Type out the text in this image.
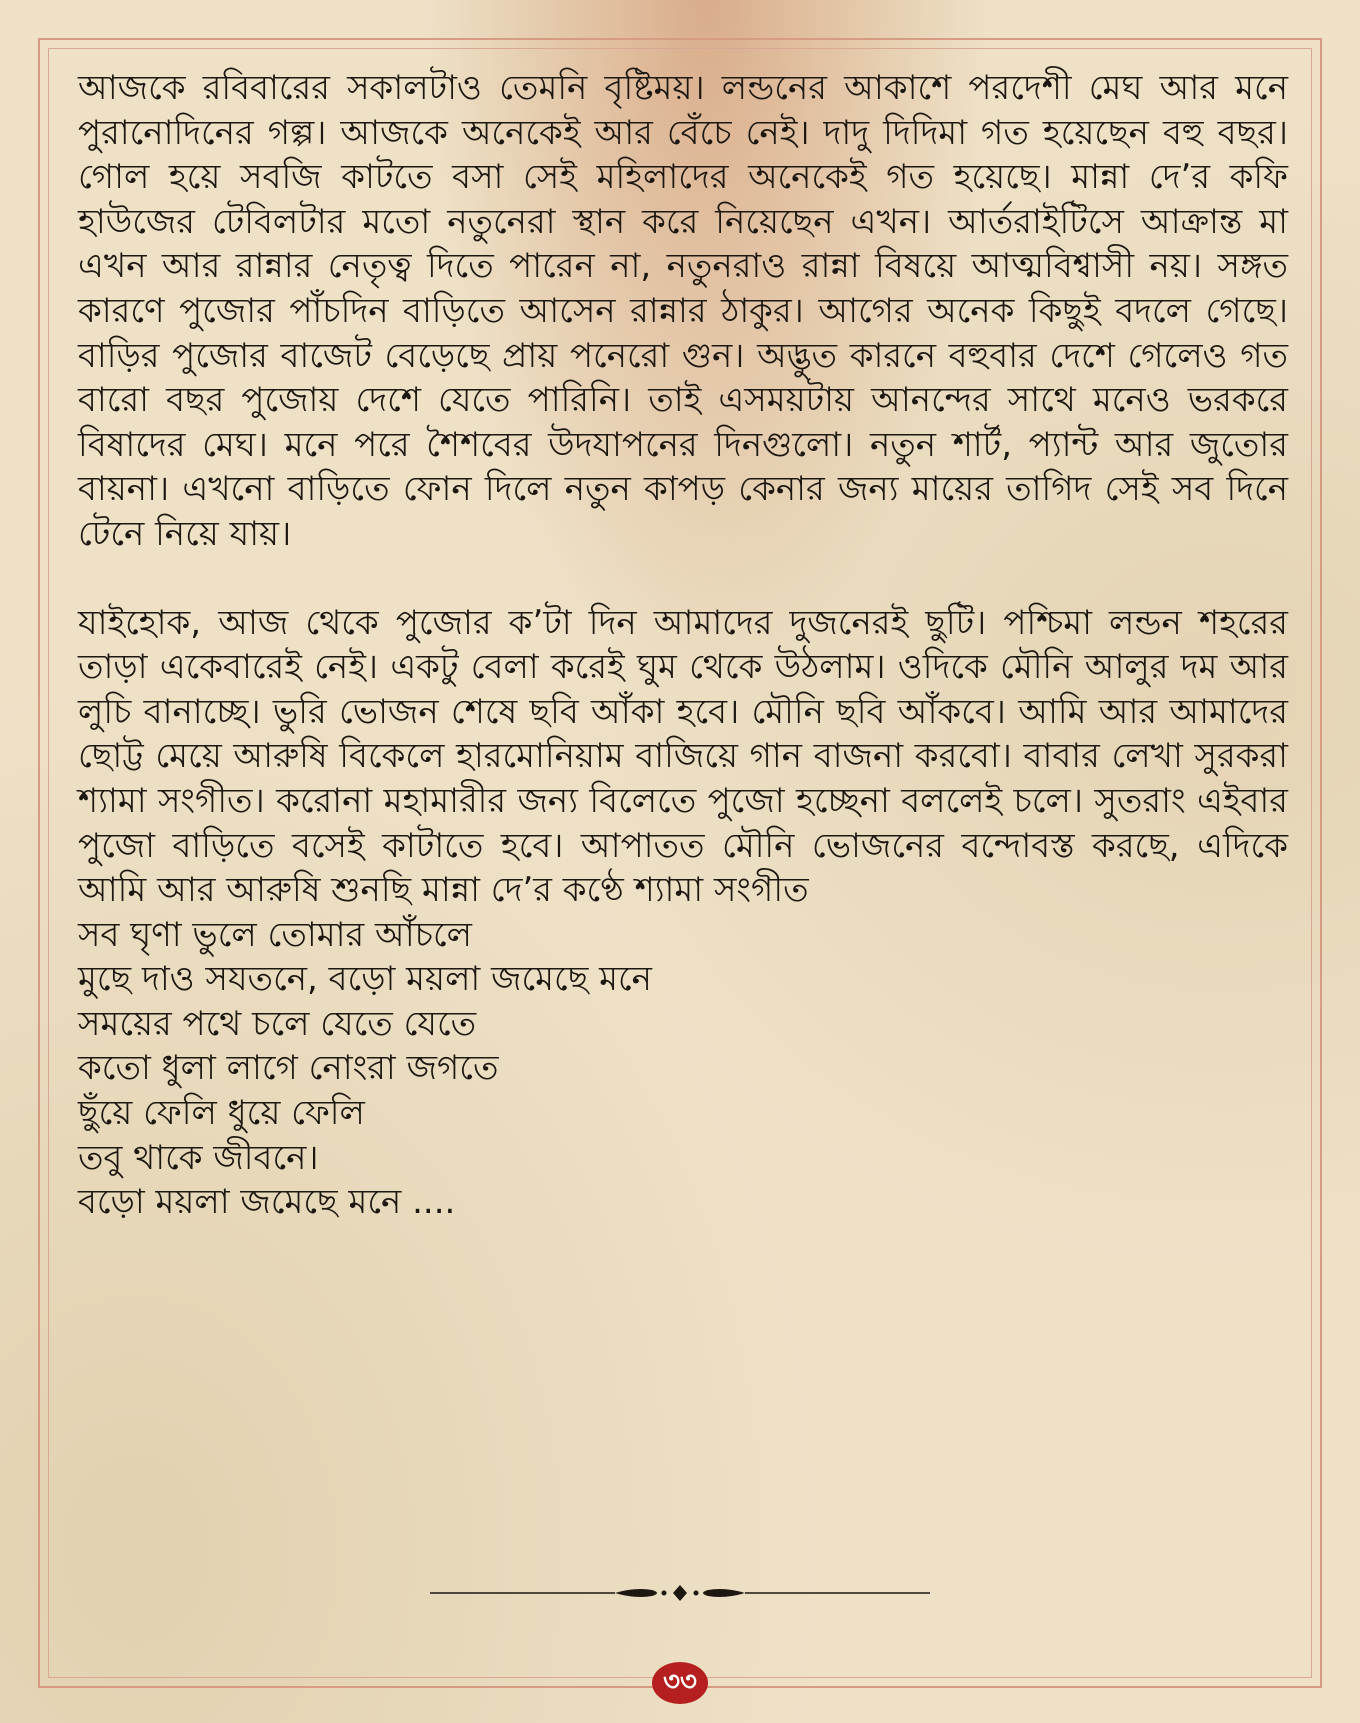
আজকে রবিবারের সকালটাও তেমনি বৃষ্টিময়। লন্ডনের আকাশে পরদেশী মেঘ আর মনে পুরানোদিনের গল্প। আজকে অনেকেই আর বেঁচে নেই। দাদু দিদিমা গত হয়েছেন বহু বছর। গোল হয়ে সবজি কাটতে বসা সেই মহিলাদের অনেকেই গত হয়েছে। মান্না দে’র কফি হাউজের টেবিলটার মতো নতুনেরা স্থান করে নিয়েছেন এখন। আর্তরাইটিসে আক্রান্ত মা এখন আর রান্নার নেতৃত্ব দিতে পারেন না, নতুনরাও রান্না বিষয়ে আত্মবিশ্বাসী নয়। সঙ্গত কারণে পুজোর পাঁচদিন বাড়িতে আসেন রান্নার ঠাকুর। আগের অনেক কিছুই বদলে গেছে।বাড়ির পুজোর বাজেট বেড়েছে প্রায় পনেরো গুন। অদ্ভুত কারনে বহুবার দেশে গেলেও গত বারো বছর পুজোয় দেশে যেতে পারিনি। তাই এসময়টায় আনন্দের সাথে মনেও ভরকরে বিষাদের মেঘ। মনে পরে শৈশবের উদযাপনের দিনগুলো। নতুন শার্ট, প্যান্ট আর জুতোর বায়না। এখনো বাড়িতে ফোন দিলে নতুন কাপড় কেনার জন্য মায়ের তাগিদ সেই সব দিনে টেনে নিয়ে যায়।

যাইহোক, আজ থেকে পুজোর ক’টা দিন আমাদের দুজনেরই ছুটি। পশ্চিমা লন্ডন শহরের তাড়া একেবারেই নেই। একটু বেলা করেই ঘুম থেকে উঠলাম। ওদিকে মৌনি আলুর দম আর লুচি বানাচ্ছে। ভুরি ভোজন শেষে ছবি আঁকা হবে। মৌনি ছবি আঁকবে। আমি আর আমাদের ছোট্ট মেয়ে আরুষি বিকেলে হারমোনিয়াম বাজিয়ে গান বাজনা করবো। বাবার লেখা সুরকরা শ্যামা সংগীত। করোনা মহামারীর জন্য বিলেতে পুজো হচ্ছেনা বললেই চলে। সুতরাং এইবার পুজো বাড়িতে বসেই কাটাতে হবে। আপাতত মৌনি ভোজনের বন্দোবস্ত করছে, এদিকে আমি আর আরুষি শুনছি মান্না দে’র কণ্ঠে শ্যামা সংগীত

সব ঘৃণা ভুলে তোমার আঁচলে
মুছে দাও সযতনে, বড়ো ময়লা জমেছে মনে
সময়ের পথে চলে যেতে যেতে
কতো ধুলা লাগে নোংরা জগতে
ছুঁয়ে ফেলি ধুয়ে ফেলি
তবু থাকে জীবনে।
বড়ো ময়লা জমেছে মনে ....
৩৩
